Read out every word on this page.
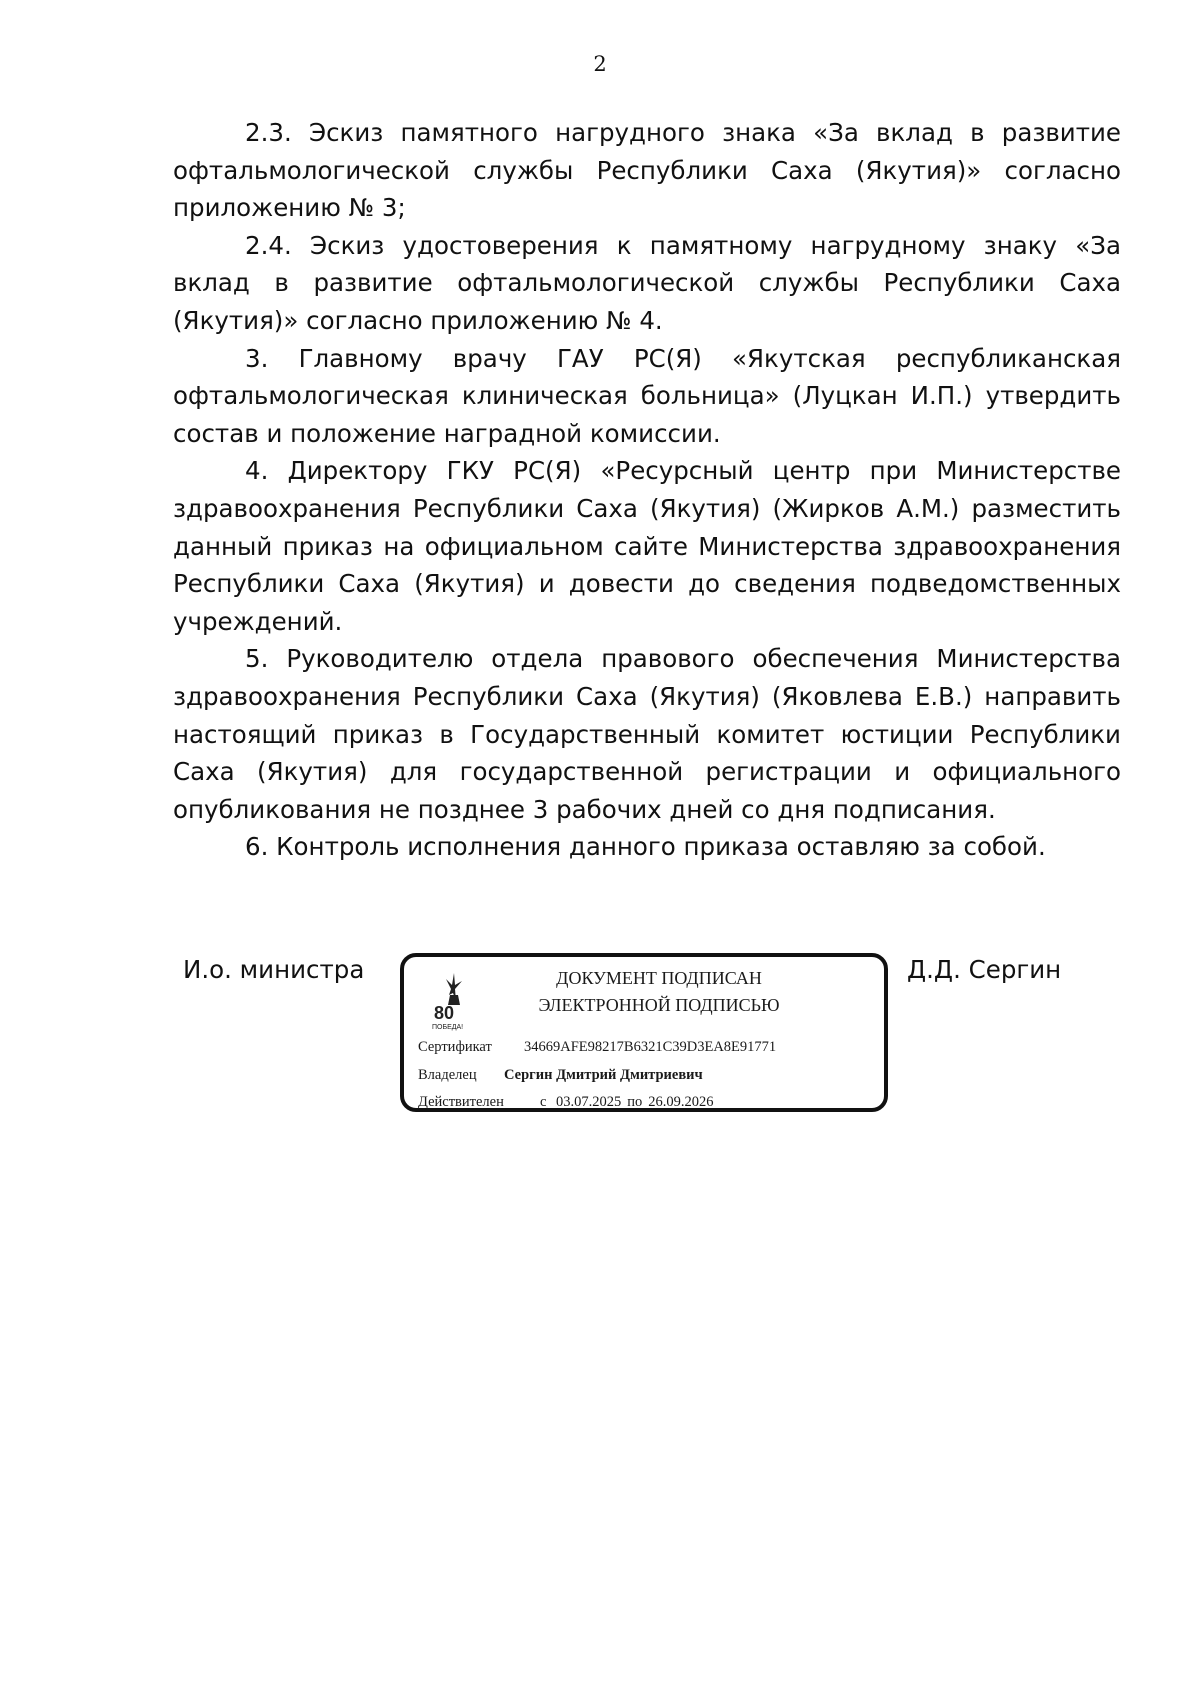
2

2.3. Эскиз памятного нагрудного знака «За вклад в развитие офтальмологической службы Республики Саха (Якутия)» согласно приложению № 3;

2.4. Эскиз удостоверения к памятному нагрудному знаку «За вклад в развитие офтальмологической службы Республики Саха (Якутия)» согласно приложению № 4.

3. Главному врачу ГАУ РС(Я) «Якутская республиканская офтальмологическая клиническая больница» (Луцкан И.П.) утвердить состав и положение наградной комиссии.

4. Директору ГКУ РС(Я) «Ресурсный центр при Министерстве здравоохранения Республики Саха (Якутия) (Жирков А.М.) разместить данный приказ на официальном сайте Министерства здравоохранения Республики Саха (Якутия) и довести до сведения подведомственных учреждений.

5. Руководителю отдела правового обеспечения Министерства здравоохранения Республики Саха (Якутия) (Яковлева Е.В.) направить настоящий приказ в Государственный комитет юстиции Республики Саха (Якутия) для государственной регистрации и официального опубликования не позднее 3 рабочих дней со дня подписания.

6. Контроль исполнения данного приказа оставляю за собой.

И.о. министра
80
ПОБЕДА!
ДОКУМЕНТ ПОДПИСАН
ЭЛЕКТРОННОЙ ПОДПИСЬЮ
Сертификат 34669AFE98217B6321C39D3EA8E91771
Владелец Сергин Дмитрий Дмитриевич
Действителен с 03.07.2025 по 26.09.2026
Д.Д. Сергин
